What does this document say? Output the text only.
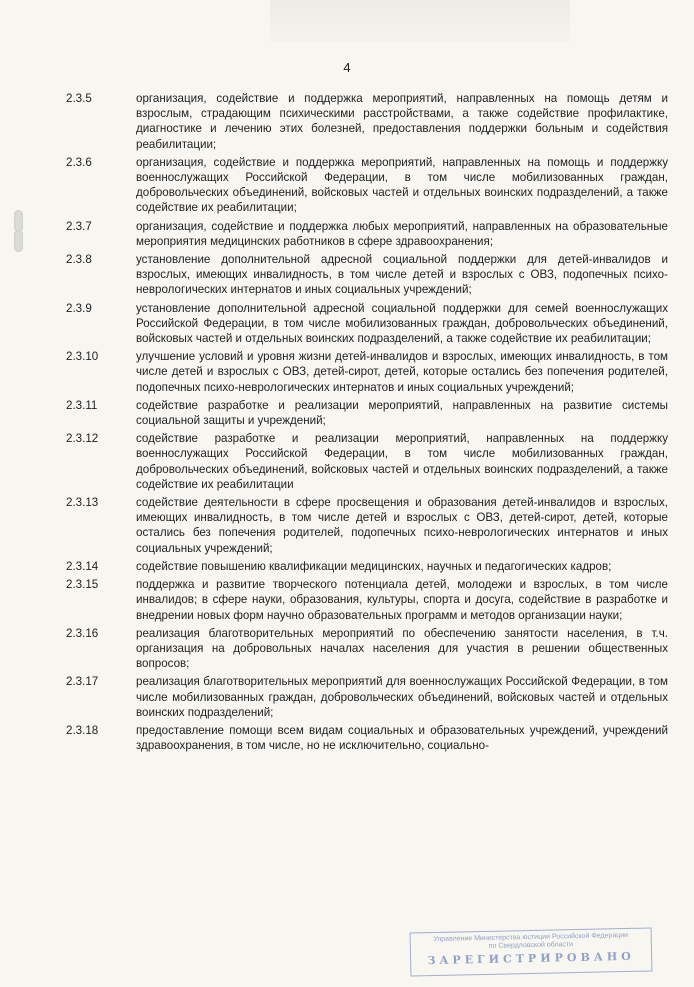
4
2.3.5	организация, содействие и поддержка мероприятий, направленных на помощь детям и взрослым, страдающим психическими расстройствами, а также содействие профилактике, диагностике и лечению этих болезней, предоставления поддержки больным и содействия реабилитации;
2.3.6	организация, содействие и поддержка мероприятий, направленных на помощь и поддержку военнослужащих Российской Федерации, в том числе мобилизованных граждан, добровольческих объединений, войсковых частей и отдельных воинских подразделений, а также содействие их реабилитации;
2.3.7	организация, содействие и поддержка любых мероприятий, направленных на образовательные мероприятия медицинских работников в сфере здравоохранения;
2.3.8	установление дополнительной адресной социальной поддержки для детей-инвалидов и взрослых, имеющих инвалидность, в том числе детей и взрослых с ОВЗ, подопечных психо-неврологических интернатов и иных социальных учреждений;
2.3.9	установление дополнительной адресной социальной поддержки для семей военнослужащих Российской Федерации, в том числе мобилизованных граждан, добровольческих объединений, войсковых частей и отдельных воинских подразделений, а также содействие их реабилитации;
2.3.10	улучшение условий и уровня жизни детей-инвалидов и взрослых, имеющих инвалидность, в том числе детей и взрослых с ОВЗ, детей-сирот, детей, которые остались без попечения родителей, подопечных психо-неврологических интернатов и иных социальных учреждений;
2.3.11	содействие разработке и реализации мероприятий, направленных на развитие системы социальной защиты и учреждений;
2.3.12	содействие разработке и реализации мероприятий, направленных на поддержку военнослужащих Российской Федерации, в том числе мобилизованных граждан, добровольческих объединений, войсковых частей и отдельных воинских подразделений, а также содействие их реабилитации
2.3.13	содействие деятельности в сфере просвещения и образования детей-инвалидов и взрослых, имеющих инвалидность, в том числе детей и взрослых с ОВЗ, детей-сирот, детей, которые остались без попечения родителей, подопечных психо-неврологических интернатов и иных социальных учреждений;
2.3.14	содействие повышению квалификации медицинских, научных и педагогических кадров;
2.3.15	поддержка и развитие творческого потенциала детей, молодежи и взрослых, в том числе инвалидов; в сфере науки, образования, культуры, спорта и досуга, содействие в разработке и внедрении новых форм научно образовательных программ и методов организации науки;
2.3.16	реализация благотворительных мероприятий по обеспечению занятости населения, в т.ч. организация на добровольных началах населения для участия в решении общественных вопросов;
2.3.17	реализация благотворительных мероприятий для военнослужащих Российской Федерации, в том числе мобилизованных граждан, добровольческих объединений, войсковых частей и отдельных воинских подразделений;
2.3.18	предоставление помощи всем видам социальных и образовательных учреждений, учреждений здравоохранения, в том числе, но не исключительно, социально-
Управление Министерства юстиции Российской Федерации
по Свердловской области
ЗАРЕГИСТРИРОВАНО
